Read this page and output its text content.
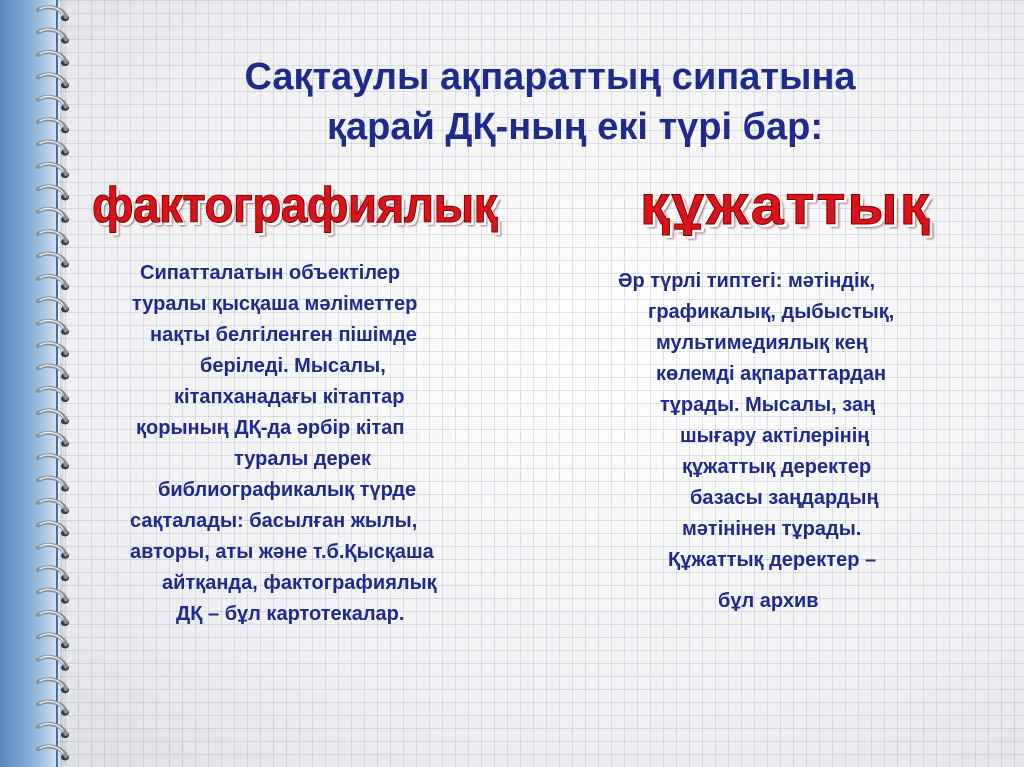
Сақтаулы ақпараттың сипатына
қарай ДҚ-ның екі түрі бар:
фактографиялық	құжаттық

Сипатталатын объектілер
туралы қысқаша мәліметтер
нақты белгіленген пішімде
беріледі. Мысалы,
кітапханадағы кітаптар
қорының ДҚ-да әрбір кітап
туралы дерек
библиографикалық түрде
сақталады: басылған жылы,
авторы, аты және т.б.Қысқаша
айтқанда, фактографиялық
ДҚ – бұл картотекалар.

Әр түрлі типтегі: мәтіндік,
графикалық, дыбыстық,
мультимедиялық кең
көлемді ақпараттардан
тұрады. Мысалы, заң
шығару актілерінің
құжаттық деректер
базасы заңдардың
мәтінінен тұрады.
Құжаттық деректер –
бұл архив
